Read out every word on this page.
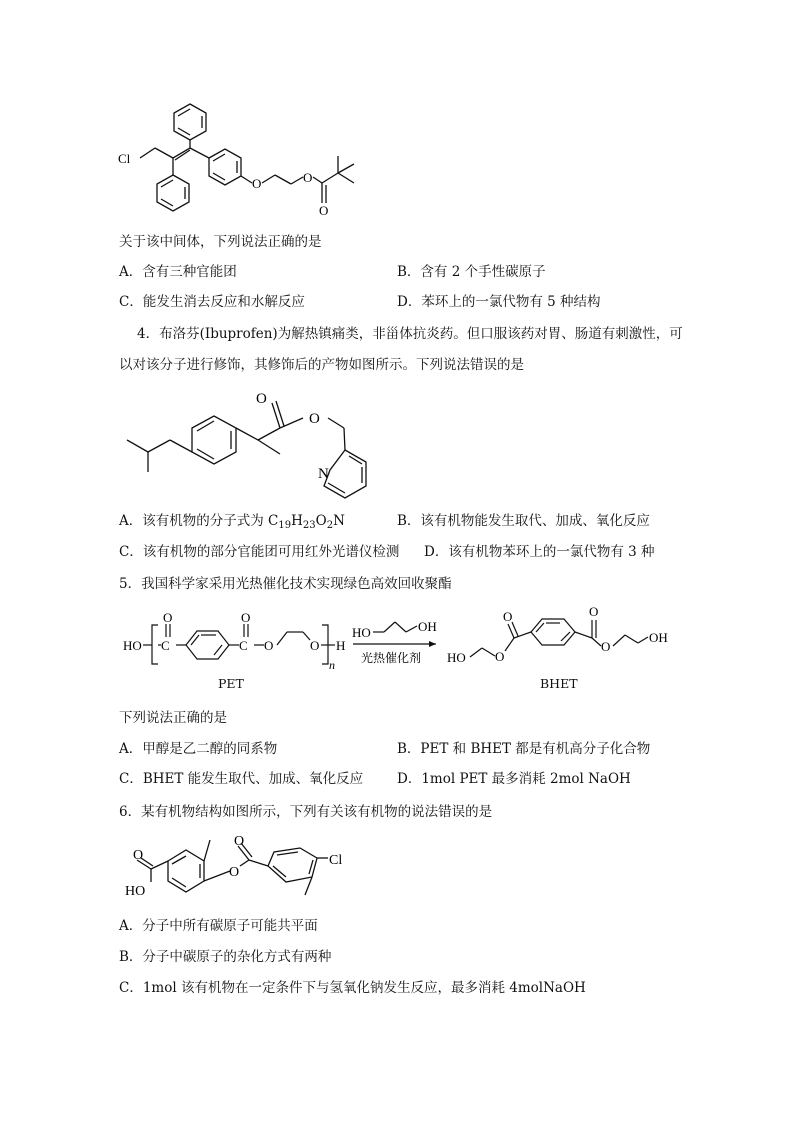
Cl
O	O
O
关于该中间体，下列说法正确的是
A．含有三种官能团	B．含有 2 个手性碳原子
C．能发生消去反应和水解反应	D．苯环上的一氯代物有 5 种结构
4．布洛芬(Ibuprofen)为解热镇痛类，非甾体抗炎药。但口服该药对胃、肠道有刺激性，可
以对该分子进行修饰，其修饰后的产物如图所示。下列说法错误的是
O
O
N
A．该有机物的分子式为 $C_{19}H_{23}O_2N$	B．该有机物能发生取代、加成、氧化反应
C．该有机物的部分官能团可用红外光谱仪检测 D．该有机物苯环上的一氯代物有 3 种
5．我国科学家采用光热催化技术实现绿色高效回收聚酯
HO C
O
C
O
O	O H
n
HO	OH
光热催化剂 HO O
O	O
O
OH
PET	BHET
下列说法正确的是
A．甲醇是乙二醇的同系物	B．PET 和 BHET 都是有机高分子化合物
C．BHET 能发生取代、加成、氧化反应	D．1mol PET 最多消耗 2mol NaOH
6．某有机物结构如图所示，下列有关该有机物的说法错误的是
O
HO
O
O
Cl
A．分子中所有碳原子可能共平面
B．分子中碳原子的杂化方式有两种
C．1mol 该有机物在一定条件下与氢氧化钠发生反应，最多消耗 4molNaOH
